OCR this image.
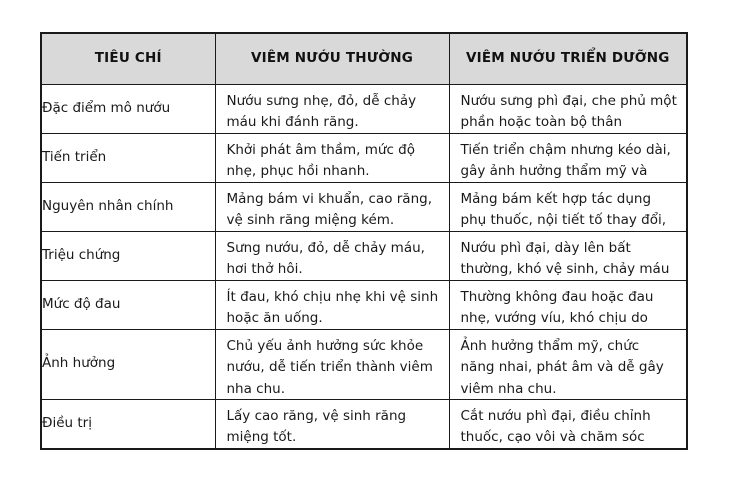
TIÊU CHÍ	VIÊM NƯỚU THƯỜNG	VIÊM NƯỚU TRIỂN DƯỠNG

Đặc điểm mô nướu	Nướu sưng nhẹ, đỏ, dễ chảy máu khi đánh răng.	Nướu sưng phì đại, che phủ một phần hoặc toàn bộ thân

Tiến triển	Khởi phát âm thầm, mức độ nhẹ, phục hồi nhanh.	Tiến triển chậm nhưng kéo dài, gây ảnh hưởng thẩm mỹ và

Nguyên nhân chính	Mảng bám vi khuẩn, cao răng, vệ sinh răng miệng kém.	Mảng bám kết hợp tác dụng phụ thuốc, nội tiết tố thay đổi,

Triệu chứng	Sưng nướu, đỏ, dễ chảy máu, hơi thở hôi.	Nướu phì đại, dày lên bất thường, khó vệ sinh, chảy máu

Mức độ đau	Ít đau, khó chịu nhẹ khi vệ sinh hoặc ăn uống.	Thường không đau hoặc đau nhẹ, vướng víu, khó chịu do

Ảnh hưởng	Chủ yếu ảnh hưởng sức khỏe nướu, dễ tiến triển thành viêm nha chu.	Ảnh hưởng thẩm mỹ, chức năng nhai, phát âm và dễ gây viêm nha chu.

Điều trị	Lấy cao răng, vệ sinh răng miệng tốt.	Cắt nướu phì đại, điều chỉnh thuốc, cạo vôi và chăm sóc
